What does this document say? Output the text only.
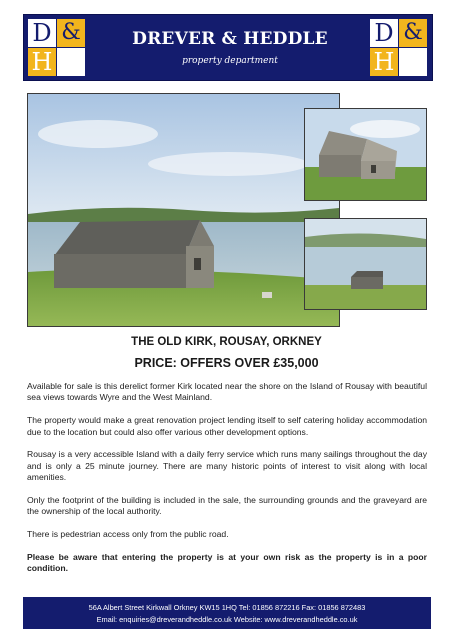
D &
H
DREVER & HEDDLE
property department
D &
H
THE OLD KIRK, ROUSAY, ORKNEY
PRICE: OFFERS OVER £35,000

Available for sale is this derelict former Kirk located near the shore on the Island of Rousay with beautiful sea views towards Wyre and the West Mainland.

The property would make a great renovation project lending itself to self catering holiday accommodation due to the location but could also offer various other development options.

Rousay is a very accessible Island with a daily ferry service which runs many sailings throughout the day and is only a 25 minute journey. There are many historic points of interest to visit along with local amenities.

Only the footprint of the building is included in the sale, the surrounding grounds and the graveyard are the ownership of the local authority.

There is pedestrian access only from the public road.

Please be aware that entering the property is at your own risk as the property is in a poor condition.

56A Albert Street Kirkwall Orkney KW15 1HQ Tel: 01856 872216 Fax: 01856 872483
Email: enquiries@dreverandheddle.co.uk Website: www.dreverandheddle.co.uk
